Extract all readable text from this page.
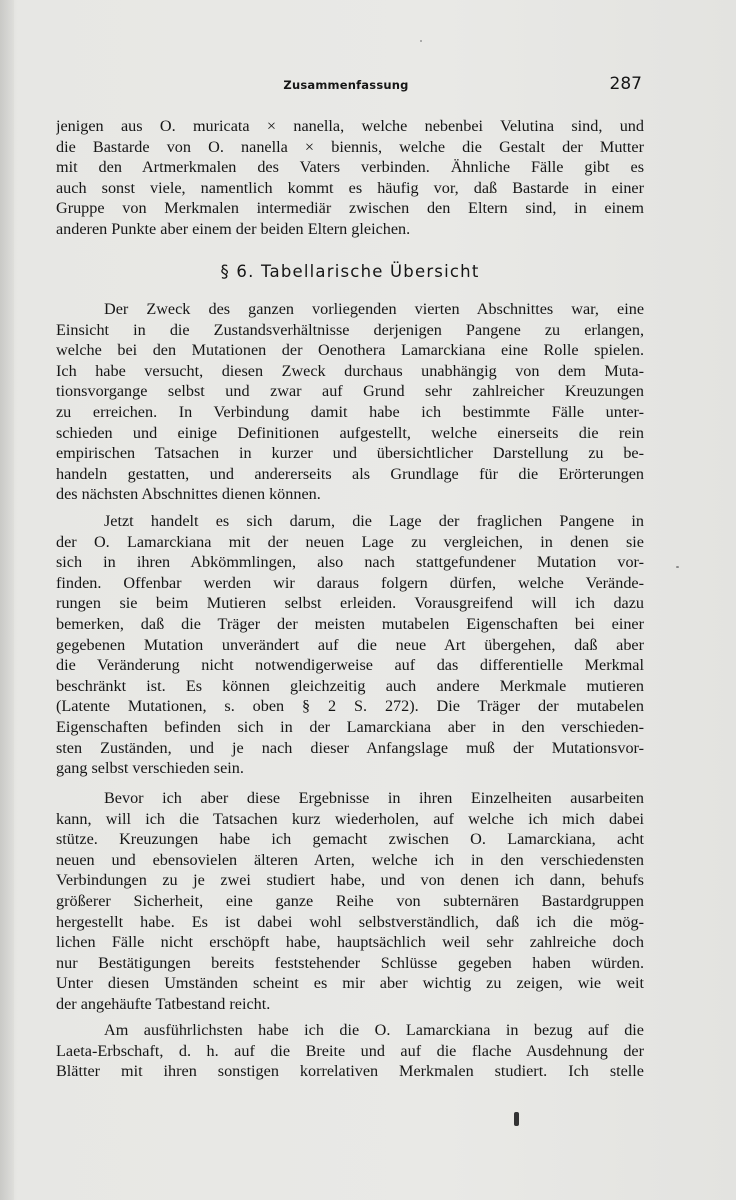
Zusammenfassung	287
jenigen aus O. muricata × nanella, welche nebenbei Velutina sind, und
die Bastarde von O. nanella × biennis, welche die Gestalt der Mutter
mit den Artmerkmalen des Vaters verbinden. Ähnliche Fälle gibt es
auch sonst viele, namentlich kommt es häufig vor, daß Bastarde in einer
Gruppe von Merkmalen intermediär zwischen den Eltern sind, in einem
anderen Punkte aber einem der beiden Eltern gleichen.
§ 6. Tabellarische Übersicht
Der Zweck des ganzen vorliegenden vierten Abschnittes war, eine
Einsicht in die Zustandsverhältnisse derjenigen Pangene zu erlangen,
welche bei den Mutationen der Oenothera Lamarckiana eine Rolle spielen.
Ich habe versucht, diesen Zweck durchaus unabhängig von dem Muta-
tionsvorgange selbst und zwar auf Grund sehr zahlreicher Kreuzungen
zu erreichen. In Verbindung damit habe ich bestimmte Fälle unter-
schieden und einige Definitionen aufgestellt, welche einerseits die rein
empirischen Tatsachen in kurzer und übersichtlicher Darstellung zu be-
handeln gestatten, und andererseits als Grundlage für die Erörterungen
des nächsten Abschnittes dienen können.
Jetzt handelt es sich darum, die Lage der fraglichen Pangene in
der O. Lamarckiana mit der neuen Lage zu vergleichen, in denen sie
sich in ihren Abkömmlingen, also nach stattgefundener Mutation vor-
finden. Offenbar werden wir daraus folgern dürfen, welche Verände-
rungen sie beim Mutieren selbst erleiden. Vorausgreifend will ich dazu
bemerken, daß die Träger der meisten mutabelen Eigenschaften bei einer
gegebenen Mutation unverändert auf die neue Art übergehen, daß aber
die Veränderung nicht notwendigerweise auf das differentielle Merkmal
beschränkt ist. Es können gleichzeitig auch andere Merkmale mutieren
(Latente Mutationen, s. oben § 2 S. 272). Die Träger der mutabelen
Eigenschaften befinden sich in der Lamarckiana aber in den verschieden-
sten Zuständen, und je nach dieser Anfangslage muß der Mutationsvor-
gang selbst verschieden sein.
Bevor ich aber diese Ergebnisse in ihren Einzelheiten ausarbeiten
kann, will ich die Tatsachen kurz wiederholen, auf welche ich mich dabei
stütze. Kreuzungen habe ich gemacht zwischen O. Lamarckiana, acht
neuen und ebensovielen älteren Arten, welche ich in den verschiedensten
Verbindungen zu je zwei studiert habe, und von denen ich dann, behufs
größerer Sicherheit, eine ganze Reihe von subternären Bastardgruppen
hergestellt habe. Es ist dabei wohl selbstverständlich, daß ich die mög-
lichen Fälle nicht erschöpft habe, hauptsächlich weil sehr zahlreiche doch
nur Bestätigungen bereits feststehender Schlüsse gegeben haben würden.
Unter diesen Umständen scheint es mir aber wichtig zu zeigen, wie weit
der angehäufte Tatbestand reicht.
Am ausführlichsten habe ich die O. Lamarckiana in bezug auf die
Laeta-Erbschaft, d. h. auf die Breite und auf die flache Ausdehnung der
Blätter mit ihren sonstigen korrelativen Merkmalen studiert. Ich stelle
